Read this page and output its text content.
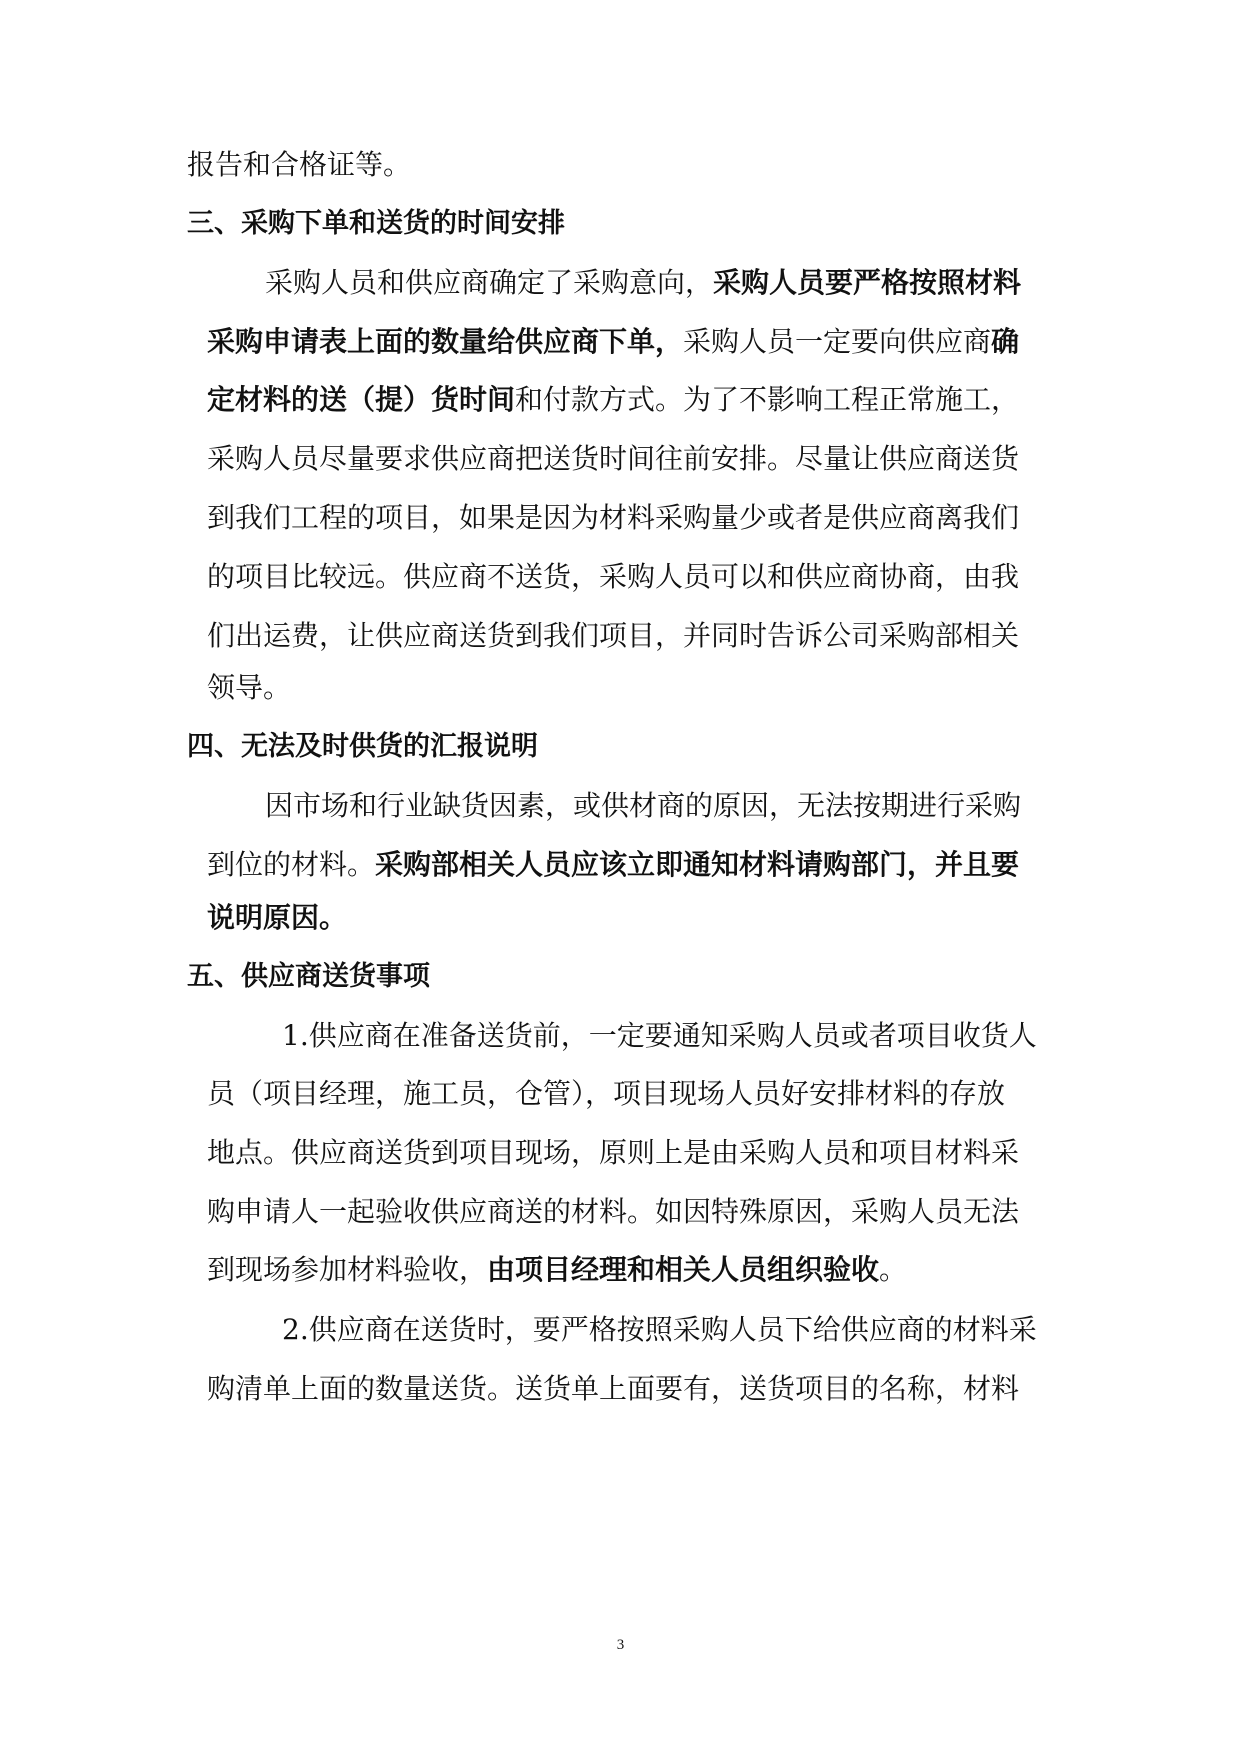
报告和合格证等。
三、采购下单和送货的时间安排
采购人员和供应商确定了采购意向，采购人员要严格按照材料
采购申请表上面的数量给供应商下单，采购人员一定要向供应商确
定材料的送（提）货时间和付款方式。为了不影响工程正常施工，
采购人员尽量要求供应商把送货时间往前安排。尽量让供应商送货
到我们工程的项目，如果是因为材料采购量少或者是供应商离我们
的项目比较远。供应商不送货，采购人员可以和供应商协商，由我
们出运费，让供应商送货到我们项目，并同时告诉公司采购部相关
领导。
四、无法及时供货的汇报说明
因市场和行业缺货因素，或供材商的原因，无法按期进行采购
到位的材料。采购部相关人员应该立即通知材料请购部门，并且要
说明原因。
五、供应商送货事项
1.供应商在准备送货前，一定要通知采购人员或者项目收货人
员（项目经理，施工员，仓管），项目现场人员好安排材料的存放
地点。供应商送货到项目现场，原则上是由采购人员和项目材料采
购申请人一起验收供应商送的材料。如因特殊原因，采购人员无法
到现场参加材料验收，由项目经理和相关人员组织验收。
2.供应商在送货时，要严格按照采购人员下给供应商的材料采
购清单上面的数量送货。送货单上面要有，送货项目的名称，材料
3
